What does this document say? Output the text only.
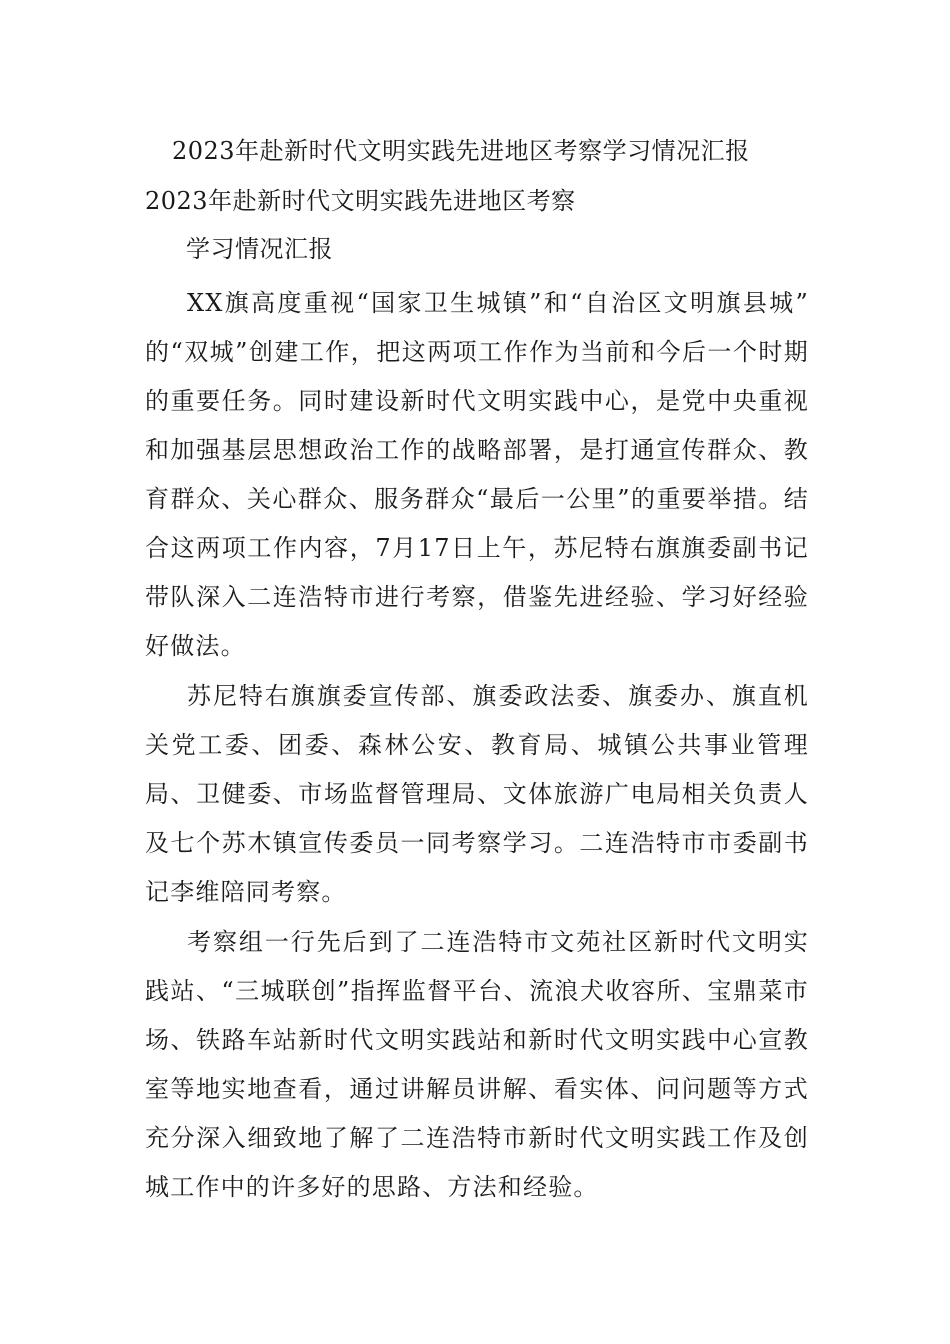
2023年赴新时代文明实践先进地区考察学习情况汇报
2023年赴新时代文明实践先进地区考察
学习情况汇报

XX旗高度重视“国家卫生城镇”和“自治区文明旗县城” 的“双城”创建工作，把这两项工作作为当前和今后一个时期的重要任务。同时建设新时代文明实践中心，是党中央重视和加强基层思想政治工作的战略部署，是打通宣传群众、教育群众、关心群众、服务群众“最后一公里”的重要举措。结合这两项工作内容，7月17日上午，苏尼特右旗旗委副书记带队深入二连浩特市进行考察，借鉴先进经验、学习好经验好做法。

苏尼特右旗旗委宣传部、旗委政法委、旗委办、旗直机关党工委、团委、森林公安、教育局、城镇公共事业管理局、卫健委、市场监督管理局、文体旅游广电局相关负责人及七个苏木镇宣传委员一同考察学习。二连浩特市市委副书记李维陪同考察。

考察组一行先后到了二连浩特市文苑社区新时代文明实践站、“三城联创”指挥监督平台、流浪犬收容所、宝鼎菜市场、铁路车站新时代文明实践站和新时代文明实践中心宣教室等地实地查看，通过讲解员讲解、看实体、问问题等方式充分深入细致地了解了二连浩特市新时代文明实践工作及创城工作中的许多好的思路、方法和经验。
